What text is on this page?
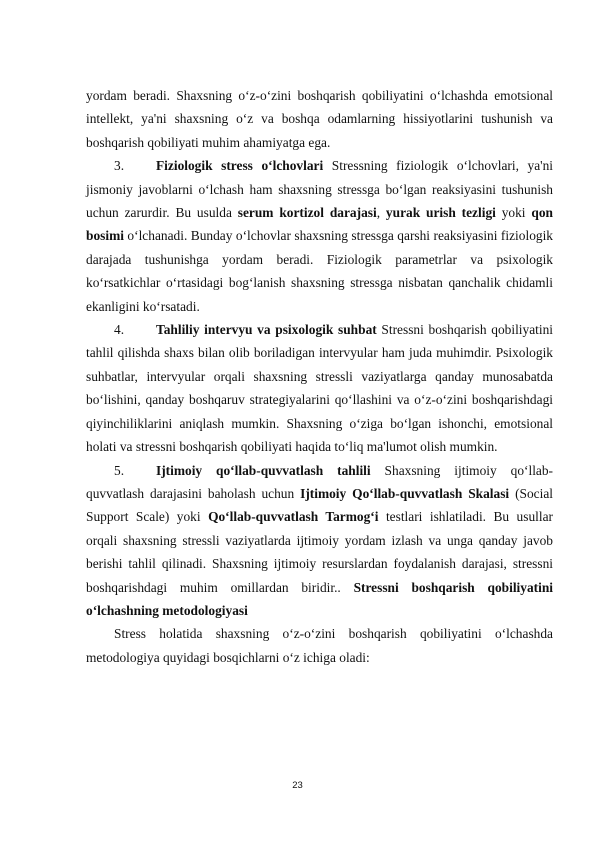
yordam beradi. Shaxsning o‘z-o‘zini boshqarish qobiliyatini o‘lchashda emotsional intellekt, ya'ni shaxsning o‘z va boshqa odamlarning hissiyotlarini tushunish va boshqarish qobiliyati muhim ahamiyatga ega.

3. Fiziologik stress o‘lchovlari Stressning fiziologik o‘lchovlari, ya'ni jismoniy javoblarni o‘lchash ham shaxsning stressga bo‘lgan reaksiyasini tushunish uchun zarurdir. Bu usulda serum kortizol darajasi, yurak urish tezligi yoki qon bosimi o‘lchanadi. Bunday o‘lchovlar shaxsning stressga qarshi reaksiyasini fiziologik darajada tushunishga yordam beradi. Fiziologik parametrlar va psixologik ko‘rsatkichlar o‘rtasidagi bog‘lanish shaxsning stressga nisbatan qanchalik chidamli ekanligini ko‘rsatadi.

4. Tahliliy intervyu va psixologik suhbat Stressni boshqarish qobiliyatini tahlil qilishda shaxs bilan olib boriladigan intervyular ham juda muhimdir. Psixologik suhbatlar, intervyular orqali shaxsning stressli vaziyatlarga qanday munosabatda bo‘lishini, qanday boshqaruv strategiyalarini qo‘llashini va o‘z-o‘zini boshqarishdagi qiyinchiliklarini aniqlash mumkin. Shaxsning o‘ziga bo‘lgan ishonchi, emotsional holati va stressni boshqarish qobiliyati haqida to‘liq ma'lumot olish mumkin.

5. Ijtimoiy qo‘llab-quvvatlash tahlili Shaxsning ijtimoiy qo‘llab-quvvatlash darajasini baholash uchun Ijtimoiy Qo‘llab-quvvatlash Skalasi (Social Support Scale) yoki Qo‘llab-quvvatlash Tarmog‘i testlari ishlatiladi. Bu usullar orqali shaxsning stressli vaziyatlarda ijtimoiy yordam izlash va unga qanday javob berishi tahlil qilinadi. Shaxsning ijtimoiy resurslardan foydalanish darajasi, stressni boshqarishdagi muhim omillardan biridir.. Stressni boshqarish qobiliyatini o‘lchashning metodologiyasi

Stress holatida shaxsning o‘z-o‘zini boshqarish qobiliyatini o‘lchashda metodologiya quyidagi bosqichlarni o‘z ichiga oladi:

23
